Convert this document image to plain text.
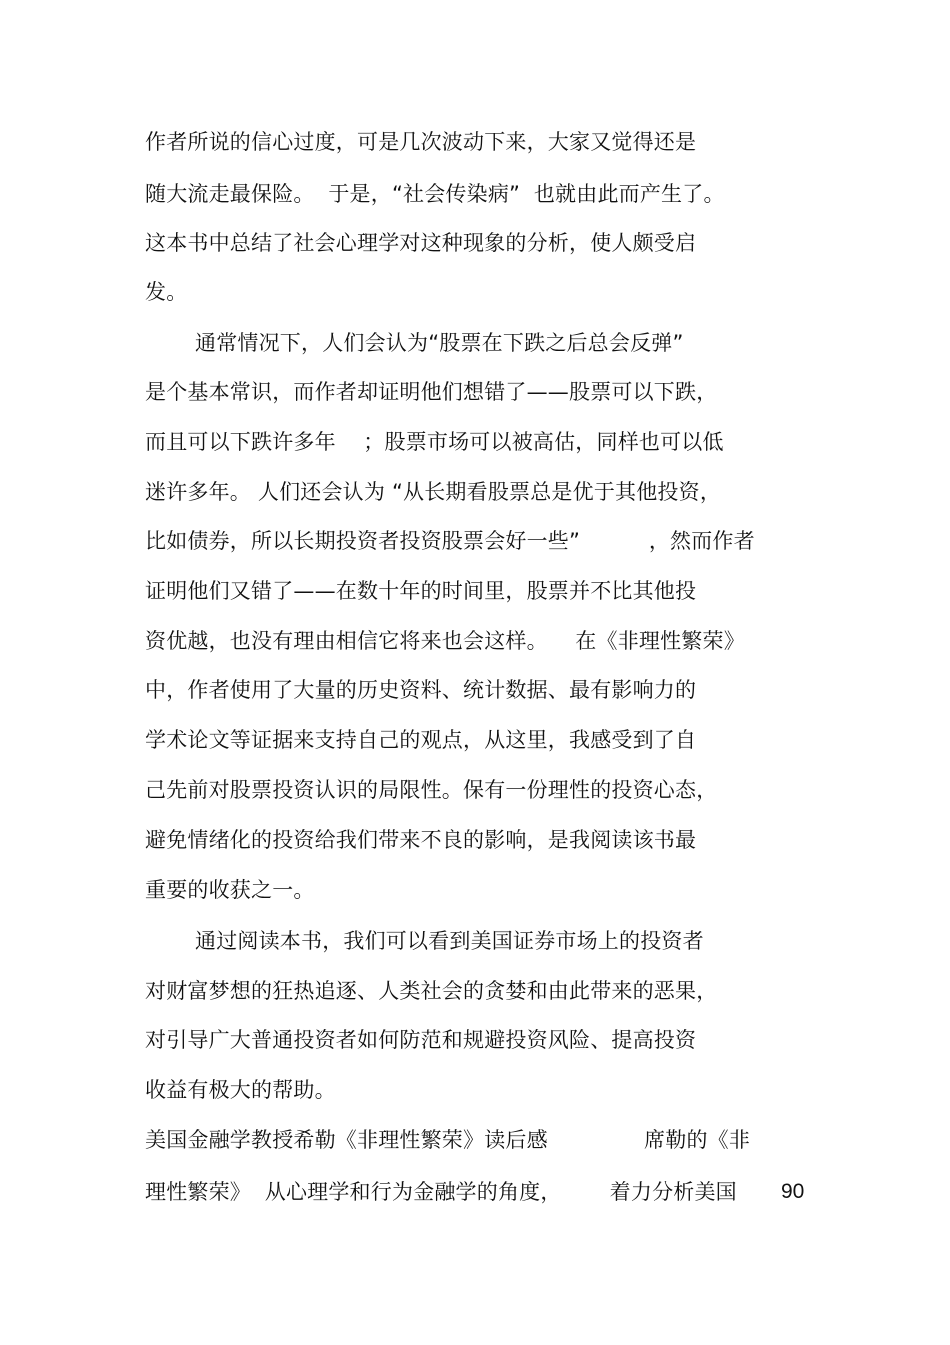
作者所说的信心过度，可是几次波动下来，大家又觉得还是
随大流走最保险。  于是，“社会传染病”  也就由此而产生了。
这本书中总结了社会心理学对这种现象的分析，使人颇受启
发。
通常情况下，人们会认为“股票在下跌之后总会反弹”
是个基本常识，而作者却证明他们想错了——股票可以下跌，
而且可以下跌许多年    ；股票市场可以被高估，同样也可以低
迷许多年。 人们还会认为 “从长期看股票总是优于其他投资，
比如债券，所以长期投资者投资股票会好一些”          ，然而作者
证明他们又错了——在数十年的时间里，股票并不比其他投
资优越，也没有理由相信它将来也会这样。    在《非理性繁荣》
中，作者使用了大量的历史资料、统计数据、最有影响力的
学术论文等证据来支持自己的观点，从这里，我感受到了自
己先前对股票投资认识的局限性。保有一份理性的投资心态，
避免情绪化的投资给我们带来不良的影响，是我阅读该书最
重要的收获之一。
通过阅读本书，我们可以看到美国证券市场上的投资者
对财富梦想的狂热追逐、人类社会的贪婪和由此带来的恶果，
对引导广大普通投资者如何防范和规避投资风险、提高投资
收益有极大的帮助。
美国金融学教授希勒《非理性繁荣》读后感              席勒的《非
理性繁荣》  从心理学和行为金融学的角度，       着力分析美国 90
